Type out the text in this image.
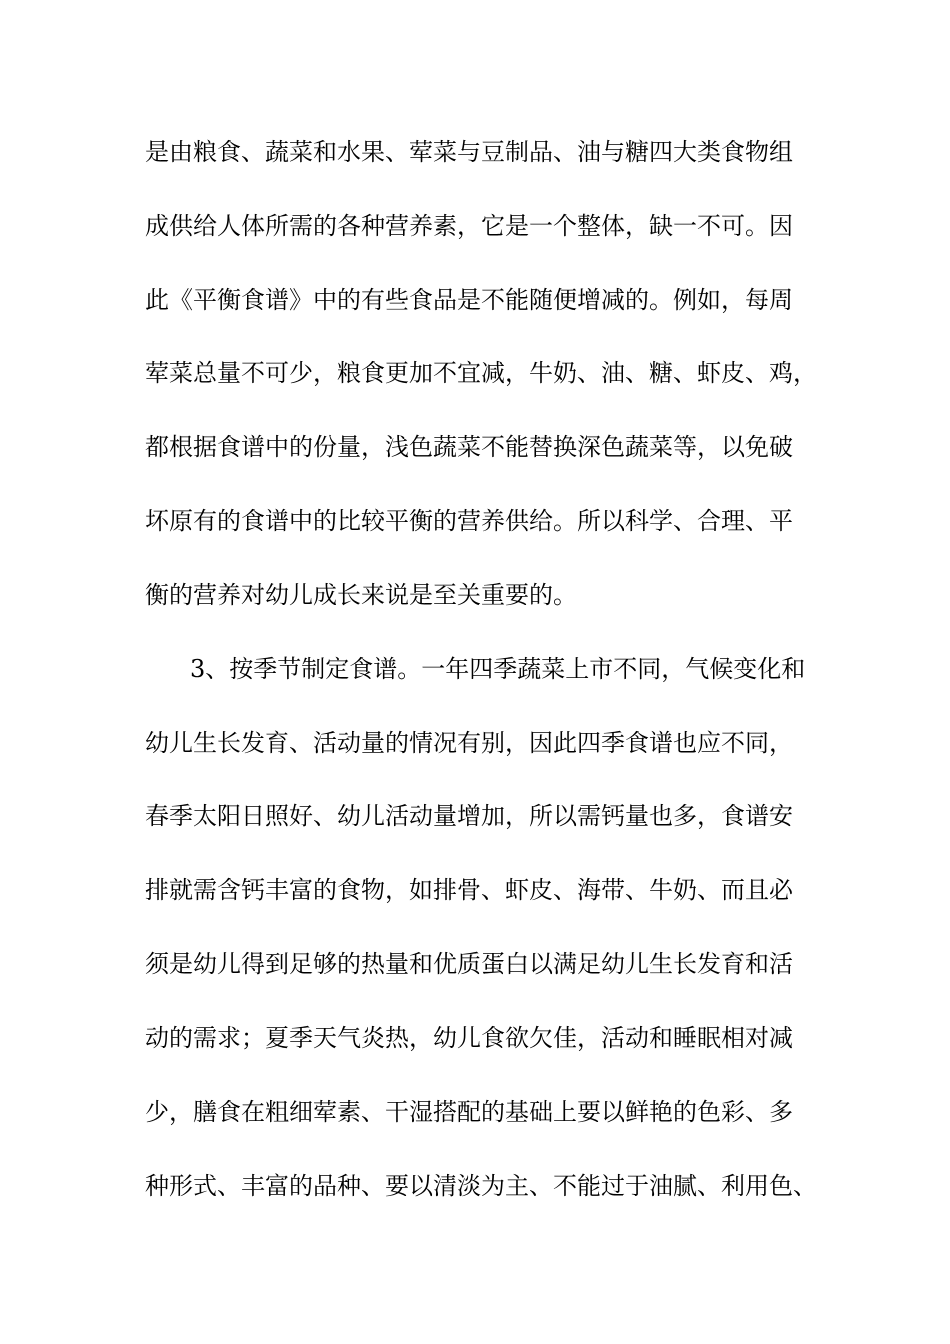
是由粮食、蔬菜和水果、荤菜与豆制品、油与糖四大类食物组
成供给人体所需的各种营养素，它是一个整体，缺一不可。因
此《平衡食谱》中的有些食品是不能随便增减的。例如，每周
荤菜总量不可少，粮食更加不宜减，牛奶、油、糖、虾皮、鸡，
都根据食谱中的份量，浅色蔬菜不能替换深色蔬菜等，以免破
坏原有的食谱中的比较平衡的营养供给。所以科学、合理、平
衡的营养对幼儿成长来说是至关重要的。
3、按季节制定食谱。一年四季蔬菜上市不同，气候变化和
幼儿生长发育、活动量的情况有别，因此四季食谱也应不同，
春季太阳日照好、幼儿活动量增加，所以需钙量也多，食谱安
排就需含钙丰富的食物，如排骨、虾皮、海带、牛奶、而且必
须是幼儿得到足够的热量和优质蛋白以满足幼儿生长发育和活
动的需求；夏季天气炎热，幼儿食欲欠佳，活动和睡眠相对减
少，膳食在粗细荤素、干湿搭配的基础上要以鲜艳的色彩、多
种形式、丰富的品种、要以清淡为主、不能过于油腻、利用色、
